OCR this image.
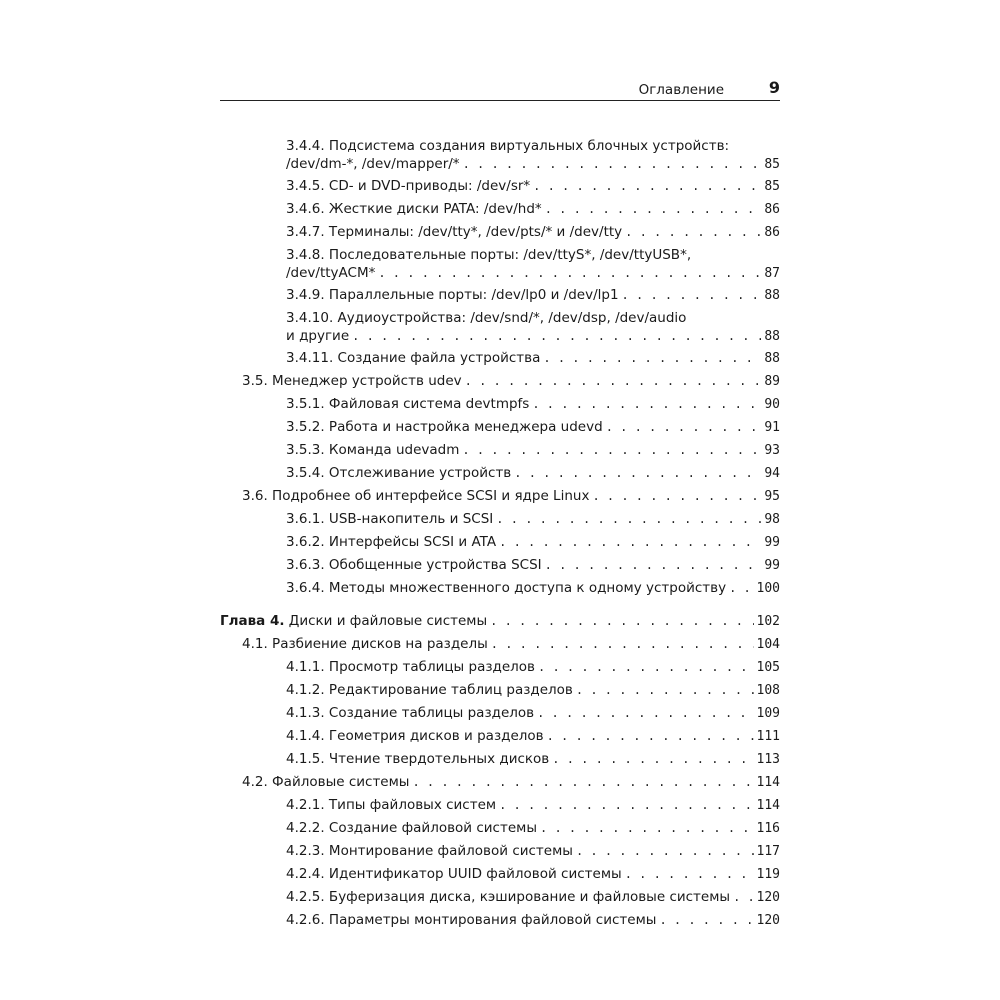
Оглавление	9
3.4.4. Подсистема создания виртуальных блочных устройств:
/dev/dm-*, /dev/mapper/* . . .	85
3.4.5. CD- и DVD-приводы: /dev/sr* . . .	85
3.4.6. Жесткие диски PATA: /dev/hd* . . .	86
3.4.7. Терминалы: /dev/tty*, /dev/pts/* и /dev/tty . . .	86
3.4.8. Последовательные порты: /dev/ttyS*, /dev/ttyUSB*,
/dev/ttyACM* . . .	87
3.4.9. Параллельные порты: /dev/lp0 и /dev/lp1 . . .	88
3.4.10. Аудиоустройства: /dev/snd/*, /dev/dsp, /dev/audio
и другие . . .	88
3.4.11. Создание файла устройства . . .	88
3.5. Менеджер устройств udev . . .	89
3.5.1. Файловая система devtmpfs . . .	90
3.5.2. Работа и настройка менеджера udevd . . .	91
3.5.3. Команда udevadm . . .	93
3.5.4. Отслеживание устройств . . .	94
3.6. Подробнее об интерфейсе SCSI и ядре Linux . . .	95
3.6.1. USB-накопитель и SCSI . . .	98
3.6.2. Интерфейсы SCSI и ATA . . .	99
3.6.3. Обобщенные устройства SCSI . . .	99
3.6.4. Методы множественного доступа к одному устройству . . . 100
Глава 4. Диски и файловые системы . . .	102
4.1. Разбиение дисков на разделы . . .	104
4.1.1. Просмотр таблицы разделов . . .	105
4.1.2. Редактирование таблиц разделов . . .	108
4.1.3. Создание таблицы разделов . . .	109
4.1.4. Геометрия дисков и разделов . . .	111
4.1.5. Чтение твердотельных дисков . . .	113
4.2. Файловые системы . . .	114
4.2.1. Типы файловых систем . . .	114
4.2.2. Создание файловой системы . . .	116
4.2.3. Монтирование файловой системы . . .	117
4.2.4. Идентификатор UUID файловой системы . . .	119
4.2.5. Буферизация диска, кэширование и файловые системы . . . 120
4.2.6. Параметры монтирования файловой системы . . .	120
